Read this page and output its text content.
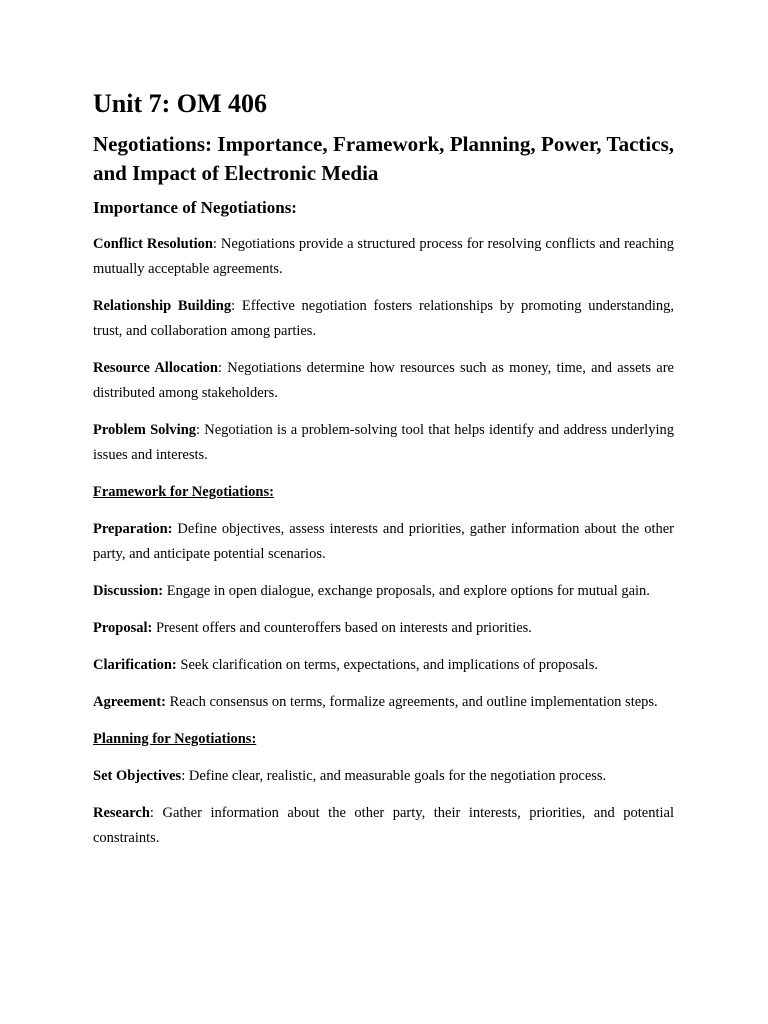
Unit 7: OM 406
Negotiations: Importance, Framework, Planning, Power, Tactics, and Impact of Electronic Media
Importance of Negotiations:

Conflict Resolution: Negotiations provide a structured process for resolving conflicts and reaching mutually acceptable agreements.

Relationship Building: Effective negotiation fosters relationships by promoting understanding, trust, and collaboration among parties.

Resource Allocation: Negotiations determine how resources such as money, time, and assets are distributed among stakeholders.

Problem Solving: Negotiation is a problem-solving tool that helps identify and address underlying issues and interests.

Framework for Negotiations:

Preparation: Define objectives, assess interests and priorities, gather information about the other party, and anticipate potential scenarios.

Discussion: Engage in open dialogue, exchange proposals, and explore options for mutual gain.

Proposal: Present offers and counteroffers based on interests and priorities.

Clarification: Seek clarification on terms, expectations, and implications of proposals.

Agreement: Reach consensus on terms, formalize agreements, and outline implementation steps.

Planning for Negotiations:

Set Objectives: Define clear, realistic, and measurable goals for the negotiation process.

Research: Gather information about the other party, their interests, priorities, and potential constraints.
